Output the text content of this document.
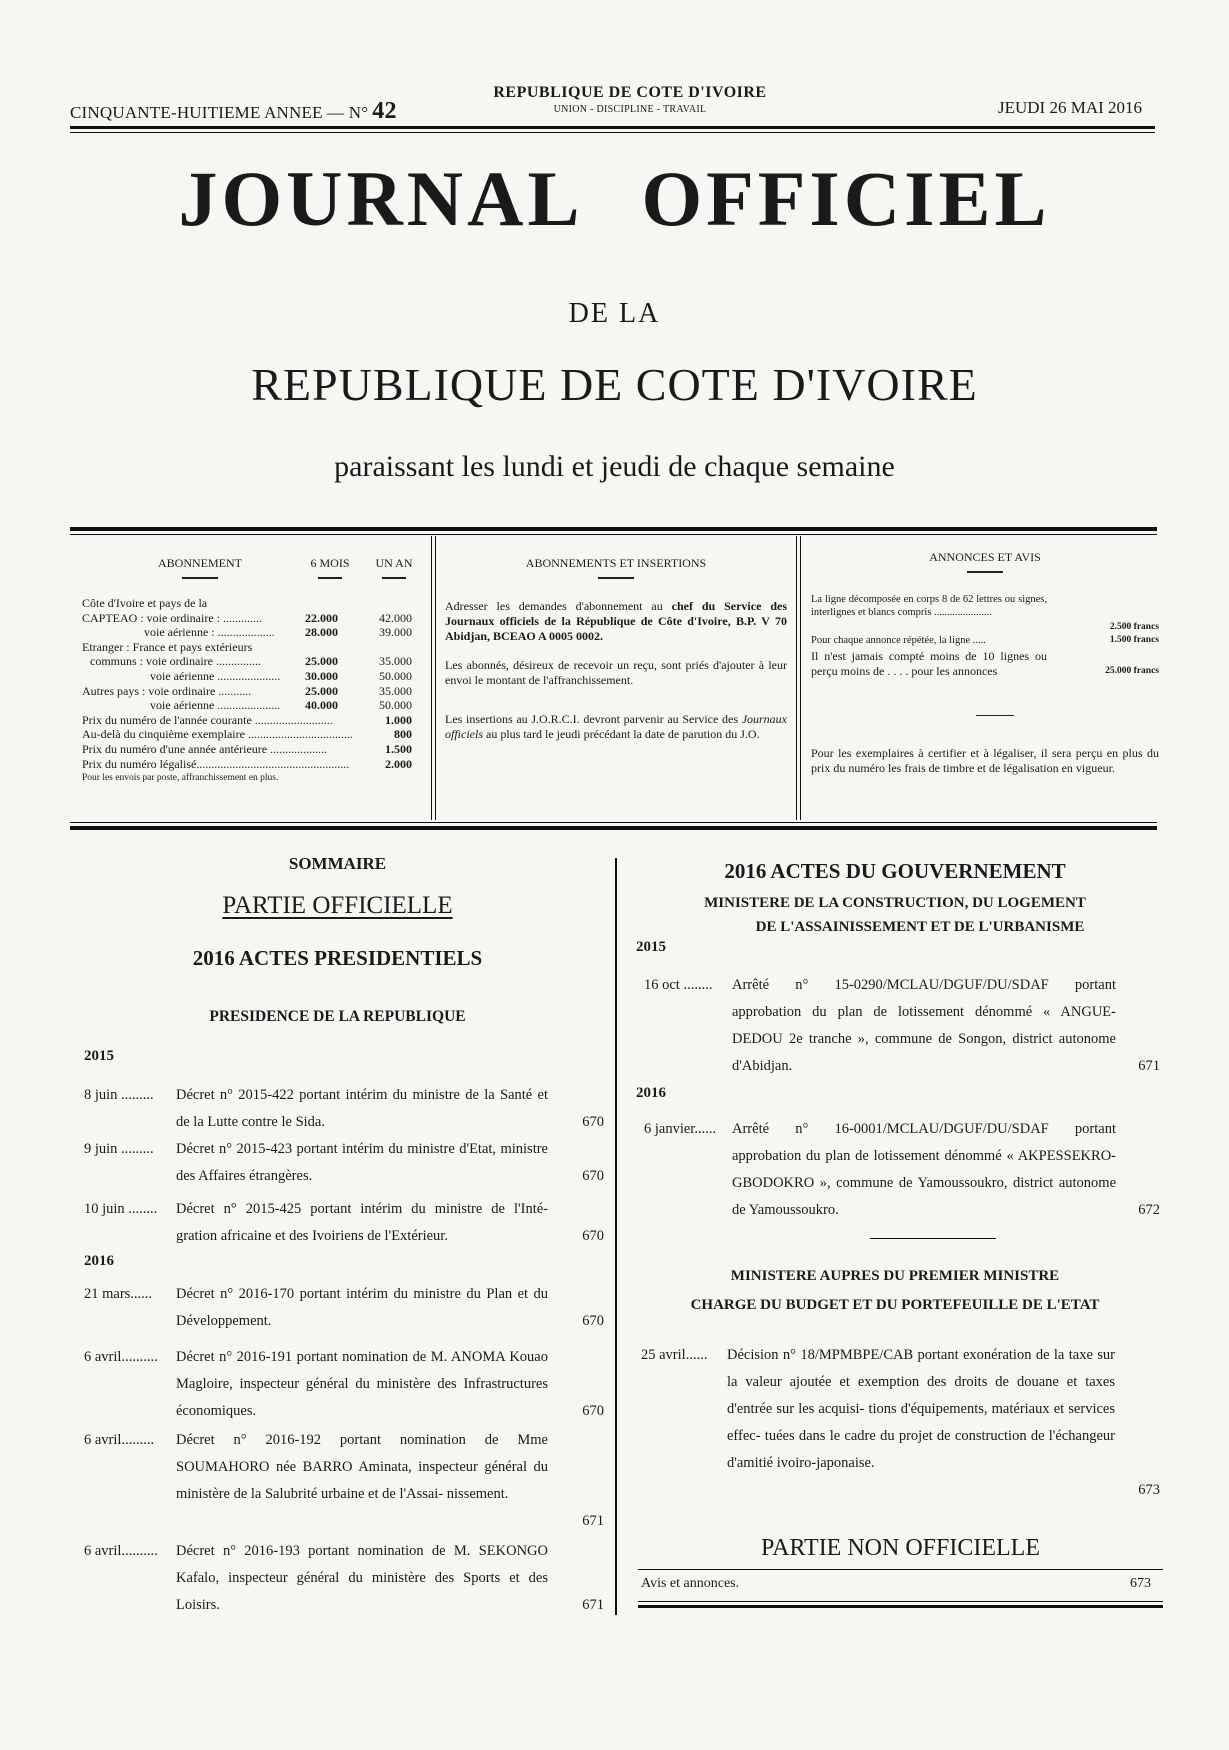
CINQUANTE-HUITIEME ANNEE — N° 42
REPUBLIQUE DE COTE D'IVOIRE
UNION - DISCIPLINE - TRAVAIL	JEUDI 26 MAI 2016
JOURNAL OFFICIEL
DE LA
REPUBLIQUE DE COTE D'IVOIRE
paraissant les lundi et jeudi de chaque semaine
ABONNEMENT	6 MOIS	UN AN
Côte d'Ivoire et pays de la
CAPTEAO : voie ordinaire : .............	22.000	42.000
voie aérienne : ...................	28.000	39.000
Etranger : France et pays extérieurs
communs : voie ordinaire ...............	25.000	35.000
voie aérienne ..................... 30.000	50.000
Autres pays : voie ordinaire ...........	25.000	35.000
voie aérienne ..................... 40.000	50.000
Prix du numéro de l'année courante ..........................	1.000
Au-delà du cinquième exemplaire ...................................	800
Prix du numéro d'une année antérieure ...................	1.500
Prix du numéro légalisé...................................................	2.000
Pour les envois par poste, affranchissement en plus.
ABONNEMENTS ET INSERTIONS
Adresser les demandes d'abonnement au chef du Service des Journaux officiels de la République de Côte d'Ivoire, B.P. V 70 Abidjan, BCEAO A 0005 0002.
Les abonnés, désireux de recevoir un reçu, sont priés d'ajouter à leur envoi le montant de l'affranchissement.
Les insertions au J.O.R.C.I. devront parvenir au Service des Journaux officiels au plus tard le jeudi précédant la date de parution du J.O.
ANNONCES ET AVIS
La ligne décomposée en corps 8 de 62 lettres ou signes, interlignes et blancs compris ......................
2.500 francs
Pour chaque annonce répétée, la ligne .....	1.500 francs
Il n'est jamais compté moins de 10 lignes ou perçu moins de . . . . pour les annonces	25.000 francs
Pour les exemplaires à certifier et à légaliser, il sera perçu en plus du prix du numéro les frais de timbre et de légalisation en vigueur.
SOMMAIRE
PARTIE OFFICIELLE
2016 ACTES PRESIDENTIELS
PRESIDENCE DE LA REPUBLIQUE
2015
2016
8 juin ......... Décret n° 2015-422 portant intérim du ministre de la Santé et de la Lutte contre le Sida.	670
9 juin ......... Décret n° 2015-423 portant intérim du ministre d'Etat, ministre des Affaires étrangères.	670
10 juin ........ Décret n° 2015-425 portant intérim du ministre de l'Inté- gration africaine et des Ivoiriens de l'Extérieur.	670
21 mars...... Décret n° 2016-170 portant intérim du ministre du Plan et du Développement.	670
6 avril.......... Décret n° 2016-191 portant nomination de M. ANOMA Kouao Magloire, inspecteur général du ministère des Infrastructures économiques.	670
6 avril......... Décret n° 2016-192 portant nomination de Mme SOUMAHORO née BARRO Aminata, inspecteur général du ministère de la Salubrité urbaine et de l'Assai- nissement.
671
6 avril.......... Décret n° 2016-193 portant nomination de M. SEKONGO Kafalo, inspecteur général du ministère des Sports et des Loisirs.	671
2016 ACTES DU GOUVERNEMENT
MINISTERE DE LA CONSTRUCTION, DU LOGEMENT
DE L'ASSAINISSEMENT ET DE L'URBANISME
2015
2016
16 oct ........ Arrêté n° 15-0290/MCLAU/DGUF/DU/SDAF portant approbation du plan de lotissement dénommé « ANGUE- DEDOU 2e tranche », commune de Songon, district autonome d'Abidjan.	671
6 janvier...... Arrêté n° 16-0001/MCLAU/DGUF/DU/SDAF portant approbation du plan de lotissement dénommé « AKPESSEKRO-GBODOKRO », commune de Yamoussoukro, district autonome de Yamoussoukro.	672
MINISTERE AUPRES DU PREMIER MINISTRE
CHARGE DU BUDGET ET DU PORTEFEUILLE DE L'ETAT
25 avril...... Décision n° 18/MPMBPE/CAB portant exonération de la taxe sur la valeur ajoutée et exemption des droits de douane et taxes d'entrée sur les acquisi- tions d'équipements, matériaux et services effec- tuées dans le cadre du projet de construction de l'échangeur d'amitié ivoiro-japonaise.
673
PARTIE NON OFFICIELLE
Avis et annonces.	673
